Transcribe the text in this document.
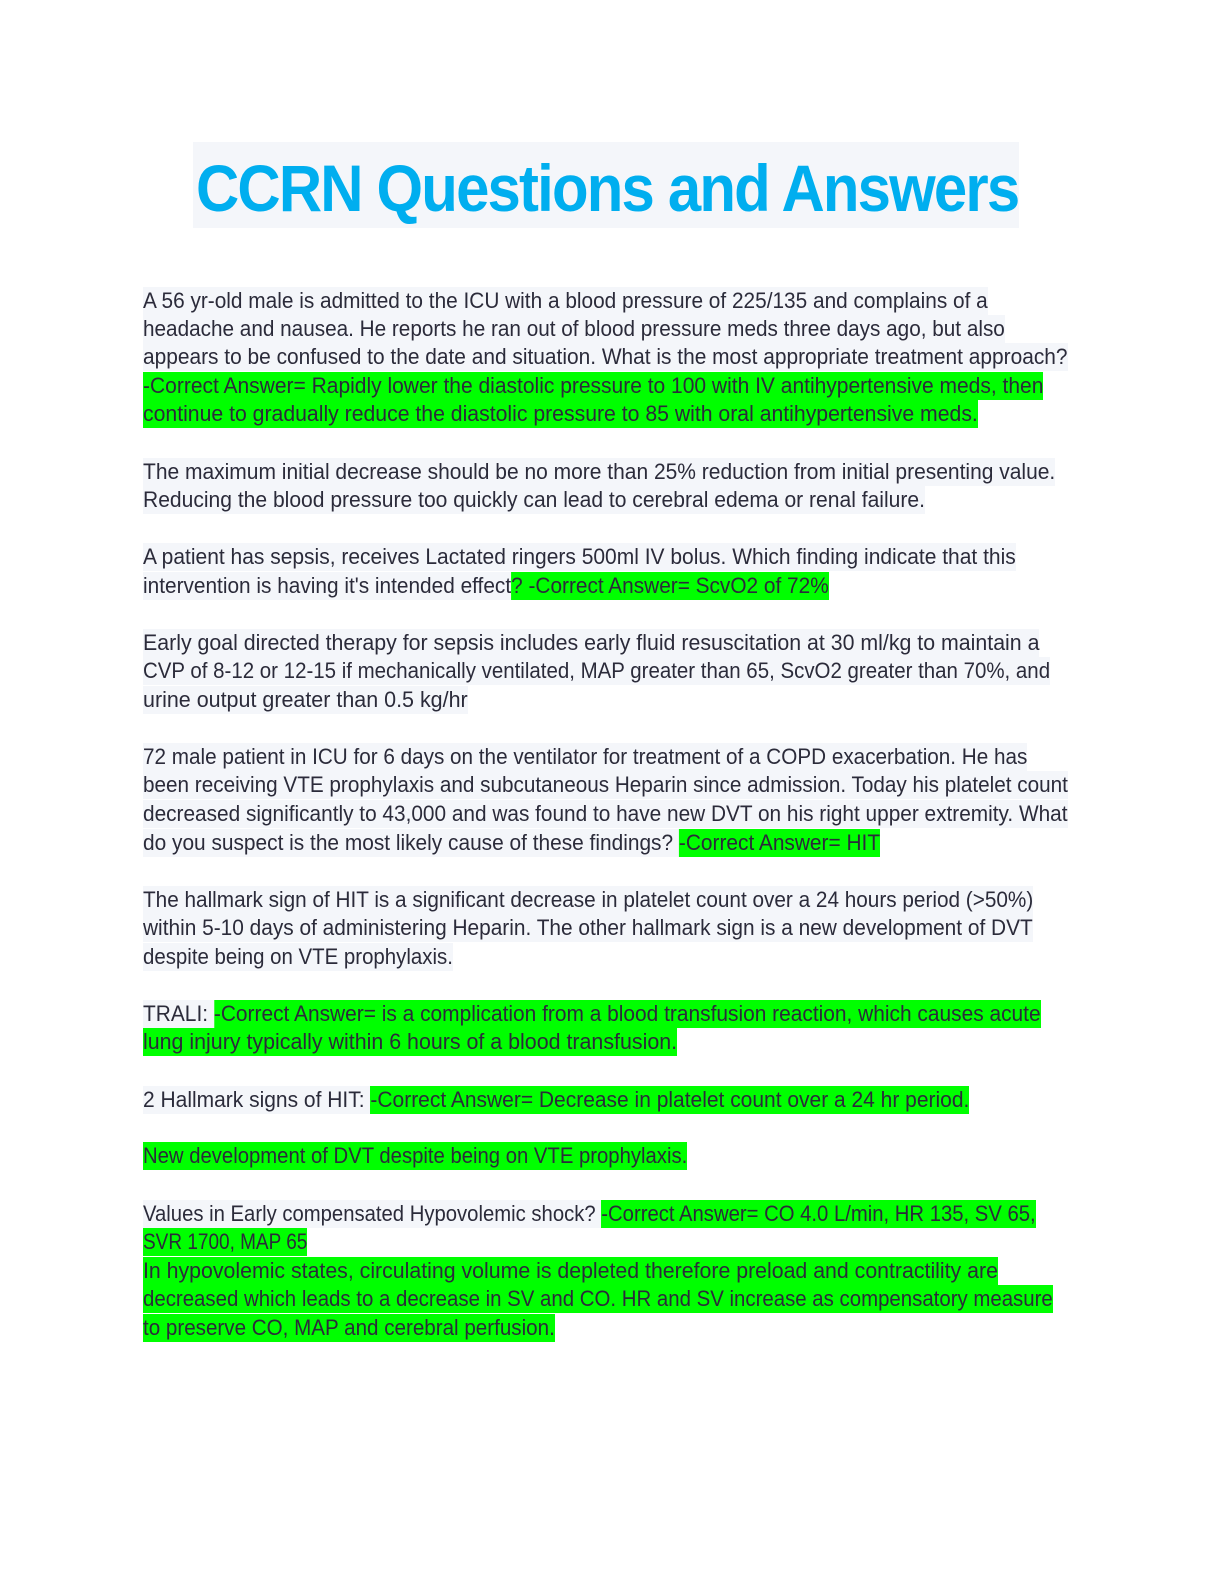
CCRN Questions and Answers
A 56 yr-old male is admitted to the ICU with a blood pressure of 225/135 and complains of a
headache and nausea. He reports he ran out of blood pressure meds three days ago, but also
appears to be confused to the date and situation. What is the most appropriate treatment approach?
-Correct Answer= Rapidly lower the diastolic pressure to 100 with IV antihypertensive meds, then
continue to gradually reduce the diastolic pressure to 85 with oral antihypertensive meds.
The maximum initial decrease should be no more than 25% reduction from initial presenting value.
Reducing the blood pressure too quickly can lead to cerebral edema or renal failure.
A patient has sepsis, receives Lactated ringers 500ml IV bolus. Which finding indicate that this
intervention is having it's intended effect? -Correct Answer= ScvO2 of 72%
Early goal directed therapy for sepsis includes early fluid resuscitation at 30 ml/kg to maintain a
CVP of 8-12 or 12-15 if mechanically ventilated, MAP greater than 65, ScvO2 greater than 70%, and
urine output greater than 0.5 kg/hr
72 male patient in ICU for 6 days on the ventilator for treatment of a COPD exacerbation. He has
been receiving VTE prophylaxis and subcutaneous Heparin since admission. Today his platelet count
decreased significantly to 43,000 and was found to have new DVT on his right upper extremity. What
do you suspect is the most likely cause of these findings? -Correct Answer= HIT
The hallmark sign of HIT is a significant decrease in platelet count over a 24 hours period (>50%)
within 5-10 days of administering Heparin. The other hallmark sign is a new development of DVT
despite being on VTE prophylaxis.
TRALI: -Correct Answer= is a complication from a blood transfusion reaction, which causes acute
lung injury typically within 6 hours of a blood transfusion.
2 Hallmark signs of HIT: -Correct Answer= Decrease in platelet count over a 24 hr period.
New development of DVT despite being on VTE prophylaxis.
Values in Early compensated Hypovolemic shock? -Correct Answer= CO 4.0 L/min, HR 135, SV 65,
SVR 1700, MAP 65
In hypovolemic states, circulating volume is depleted therefore preload and contractility are
decreased which leads to a decrease in SV and CO. HR and SV increase as compensatory measure
to preserve CO, MAP and cerebral perfusion.
